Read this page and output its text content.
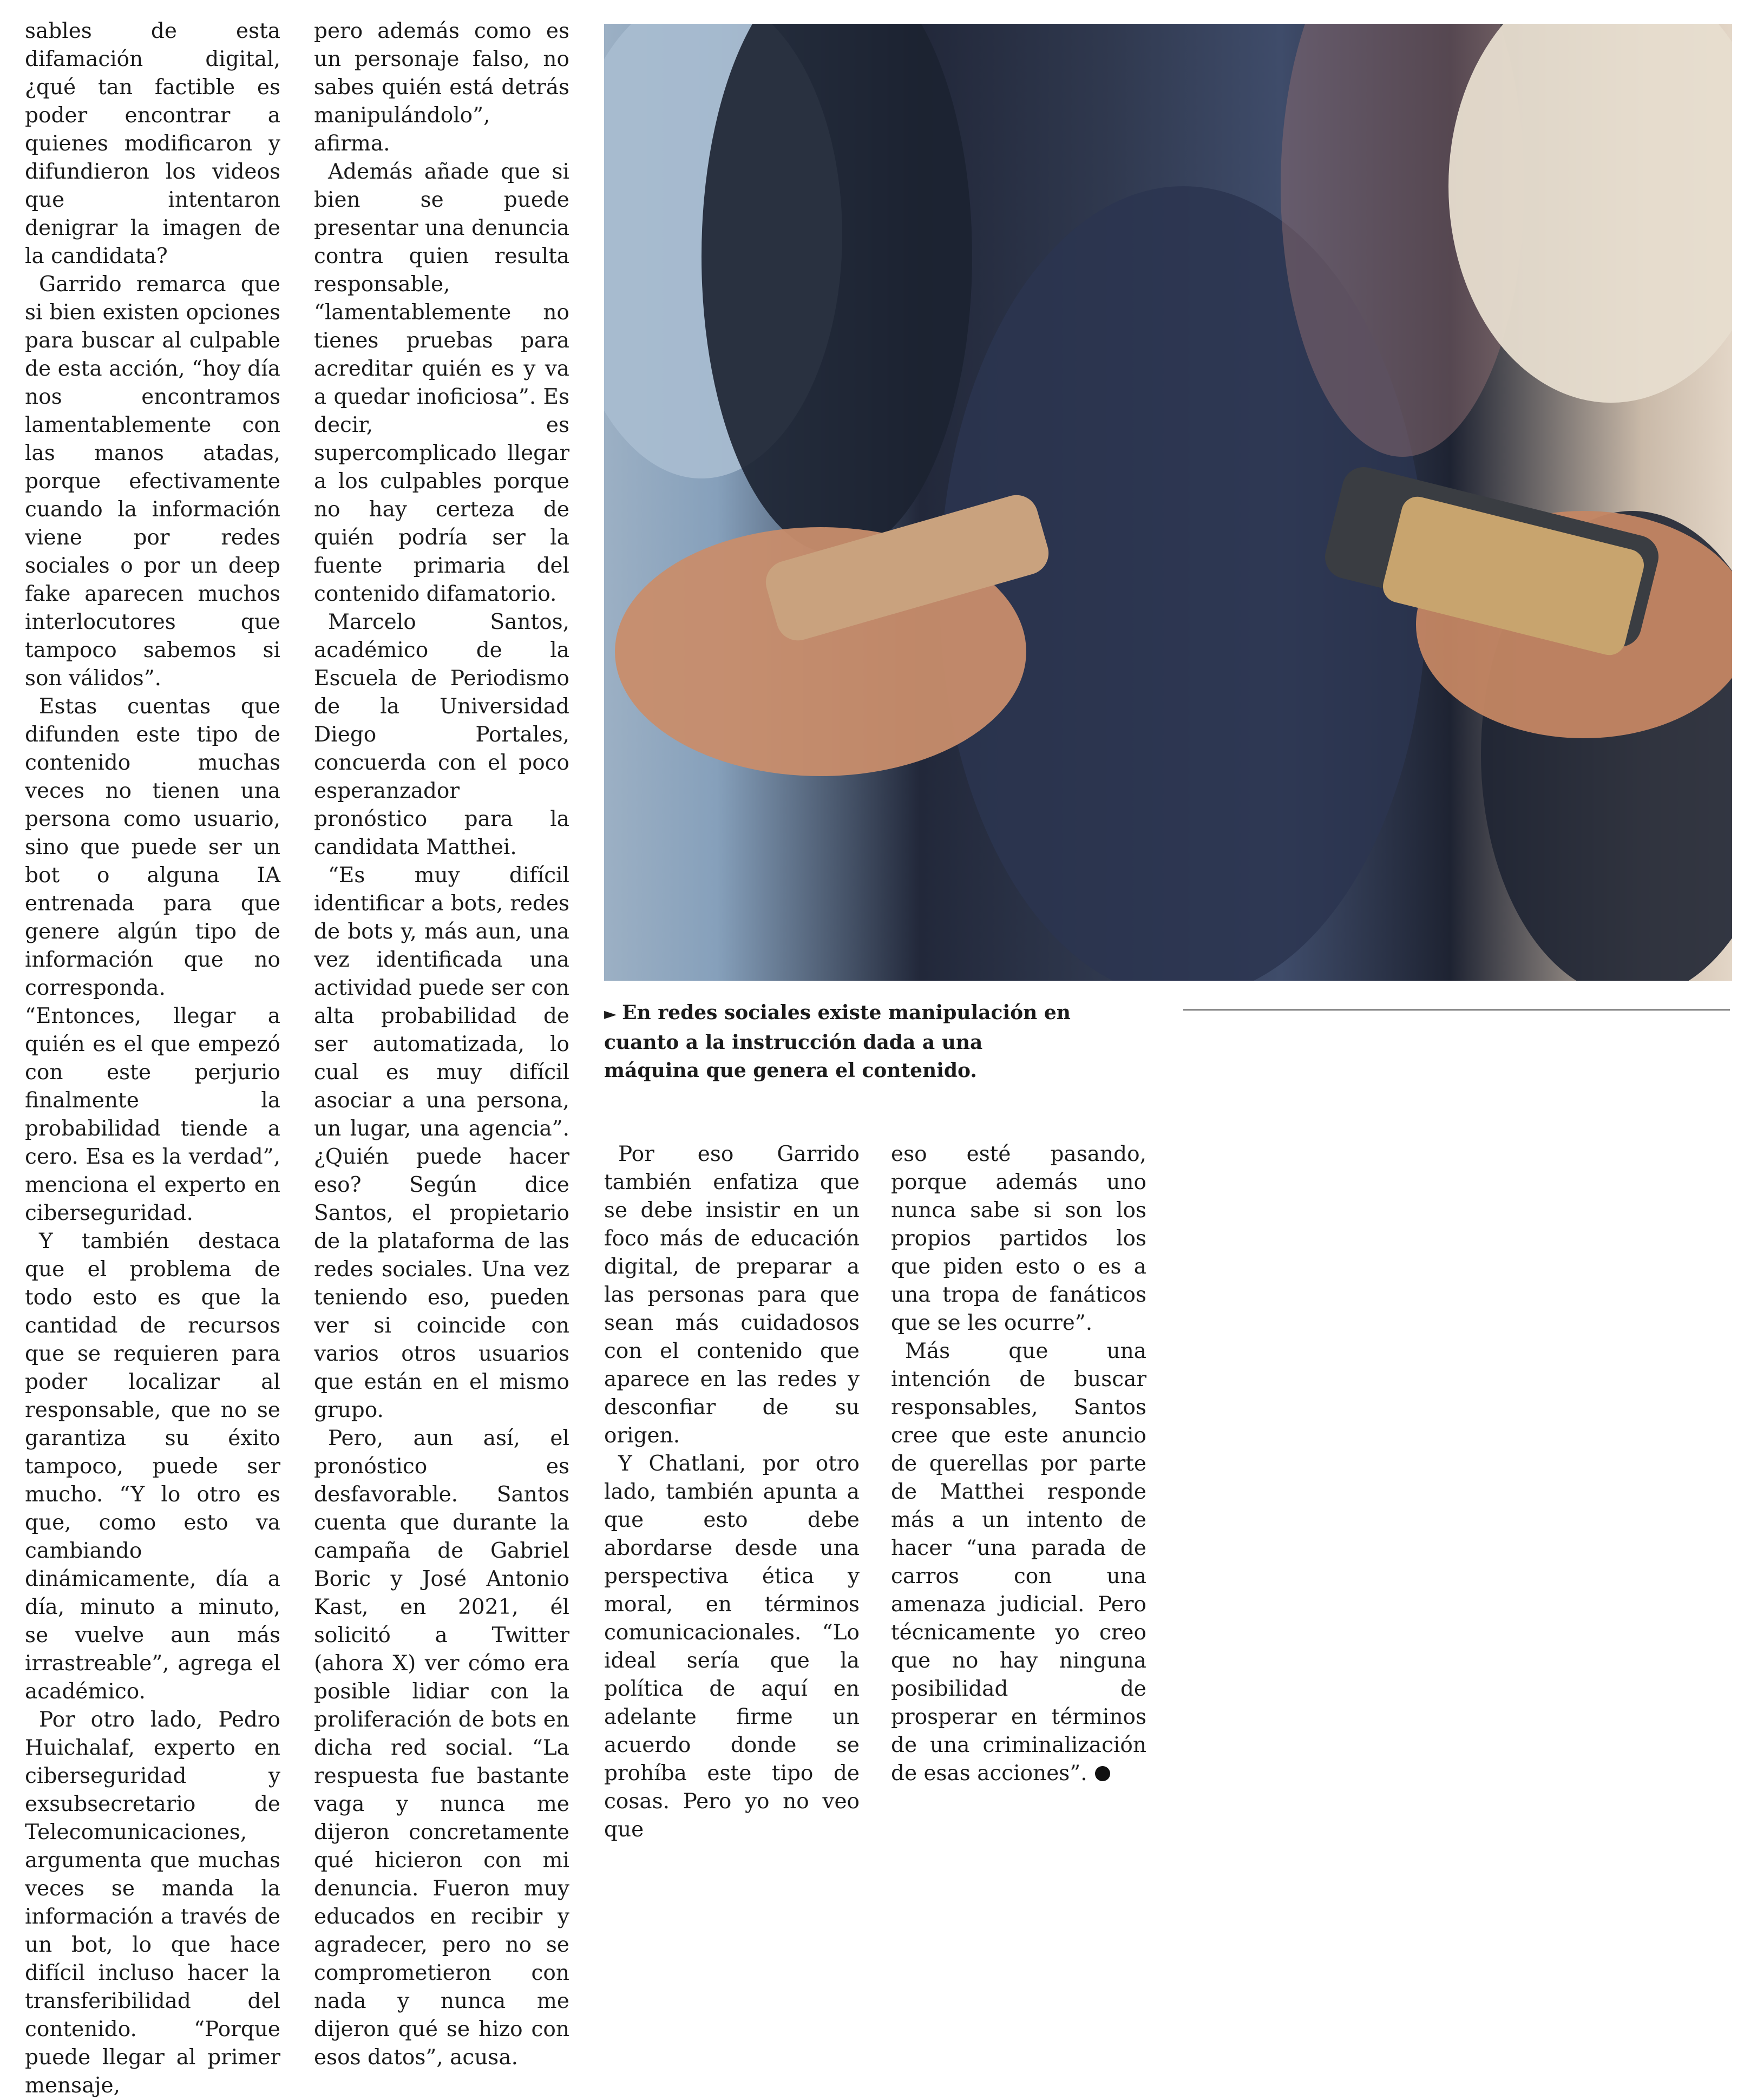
sables de esta difamación digital, ¿qué tan factible es poder encontrar a quienes modificaron y difundieron los videos que intentaron denigrar la imagen de la candidata?

Garrido remarca que si bien existen opciones para buscar al culpable de esta acción, “hoy día nos encontramos lamentablemente con las manos atadas, porque efectivamente cuando la información viene por redes sociales o por un deep fake aparecen muchos interlocutores que tampoco sabemos si son válidos”.

Estas cuentas que difunden este tipo de contenido muchas veces no tienen una persona como usuario, sino que puede ser un bot o alguna IA entrenada para que genere algún tipo de información que no corresponda. “Entonces, llegar a quién es el que empezó con este perjurio finalmente la probabilidad tiende a cero. Esa es la verdad”, menciona el experto en ciberseguridad.

Y también destaca que el problema de todo esto es que la cantidad de recursos que se requieren para poder localizar al responsable, que no se garantiza su éxito tampoco, puede ser mucho. “Y lo otro es que, como esto va cambiando dinámicamente, día a día, minuto a minuto, se vuelve aun más irrastreable”, agrega el académico.

Por otro lado, Pedro Huichalaf, experto en ciberseguridad y exsubsecretario de Telecomunicaciones, argumenta que muchas veces se manda la información a través de un bot, lo que hace difícil incluso hacer la transferibilidad del contenido. “Porque puede llegar al primer mensaje,

pero además como es un personaje falso, no sabes quién está detrás manipulándolo”, afirma.

Además añade que si bien se puede presentar una denuncia contra quien resulta responsable, “lamentablemente no tienes pruebas para acreditar quién es y va a quedar inoficiosa”. Es decir, es supercomplicado llegar a los culpables porque no hay certeza de quién podría ser la fuente primaria del contenido difamatorio.

Marcelo Santos, académico de la Escuela de Periodismo de la Universidad Diego Portales, concuerda con el poco esperanzador pronóstico para la candidata Matthei.

“Es muy difícil identificar a bots, redes de bots y, más aun, una vez identificada una actividad puede ser con alta probabilidad de ser automatizada, lo cual es muy difícil asociar a una persona, un lugar, una agencia”. ¿Quién puede hacer eso? Según dice Santos, el propietario de la plataforma de las redes sociales. Una vez teniendo eso, pueden ver si coincide con varios otros usuarios que están en el mismo grupo.

Pero, aun así, el pronóstico es desfavorable. Santos cuenta que durante la campaña de Gabriel Boric y José Antonio Kast, en 2021, él solicitó a Twitter (ahora X) ver cómo era posible lidiar con la proliferación de bots en dicha red social. “La respuesta fue bastante vaga y nunca me dijeron concretamente qué hicieron con mi denuncia. Fueron muy educados en recibir y agradecer, pero no se comprometieron con nada y nunca me dijeron qué se hizo con esos datos”, acusa.

► En redes sociales existe manipulación en cuanto a la instrucción dada a una máquina que genera el contenido.

Por eso Garrido también enfatiza que se debe insistir en un foco más de educación digital, de preparar a las personas para que sean más cuidadosos con el contenido que aparece en las redes y desconfiar de su origen.

Y Chatlani, por otro lado, también apunta a que esto debe abordarse desde una perspectiva ética y moral, en términos comunicacionales. “Lo ideal sería que la política de aquí en adelante firme un acuerdo donde se prohíba este tipo de cosas. Pero yo no veo que

eso esté pasando, porque además uno nunca sabe si son los propios partidos los que piden esto o es a una tropa de fanáticos que se les ocurre”.

Más que una intención de buscar responsables, Santos cree que este anuncio de querellas por parte de Matthei responde más a un intento de hacer “una parada de carros con una amenaza judicial. Pero técnicamente yo creo que no hay ninguna posibilidad de prosperar en términos de una criminalización de esas acciones”.
